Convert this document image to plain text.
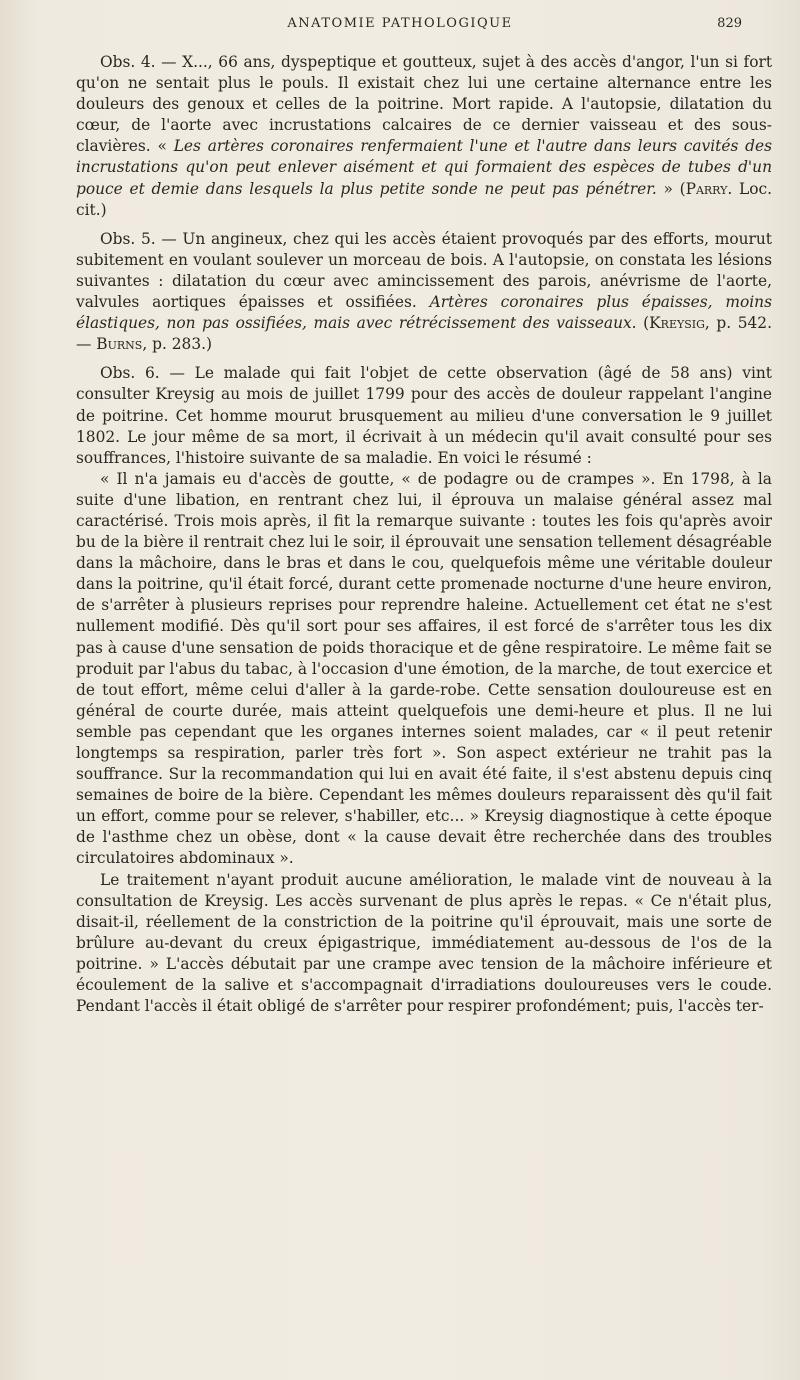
ANATOMIE PATHOLOGIQUE	829

Obs. 4. — X..., 66 ans, dyspeptique et goutteux, sujet à des accès d'angor, l'un si fort qu'on ne sentait plus le pouls. Il existait chez lui une certaine alternance entre les douleurs des genoux et celles de la poitrine. Mort rapide. A l'autopsie, dilatation du cœur, de l'aorte avec incrustations calcaires de ce dernier vaisseau et des sous-clavières. « Les artères coronaires renfermaient l'une et l'autre dans leurs cavités des incrustations qu'on peut enlever aisément et qui formaient des espèces de tubes d'un pouce et demie dans lesquels la plus petite sonde ne peut pas pénétrer. » (Parry. Loc. cit.)

Obs. 5. — Un angineux, chez qui les accès étaient provoqués par des efforts, mourut subitement en voulant soulever un morceau de bois. A l'autopsie, on constata les lésions suivantes : dilatation du cœur avec amincissement des parois, anévrisme de l'aorte, valvules aortiques épaisses et ossifiées. Artères coronaires plus épaisses, moins élastiques, non pas ossifiées, mais avec rétrécissement des vaisseaux. (Kreysig, p. 542. — Burns, p. 283.)

Obs. 6. — Le malade qui fait l'objet de cette observation (âgé de 58 ans) vint consulter Kreysig au mois de juillet 1799 pour des accès de douleur rappelant l'angine de poitrine. Cet homme mourut brusquement au milieu d'une conversation le 9 juillet 1802. Le jour même de sa mort, il écrivait à un médecin qu'il avait consulté pour ses souffrances, l'histoire suivante de sa maladie. En voici le résumé :

« Il n'a jamais eu d'accès de goutte, « de podagre ou de crampes ». En 1798, à la suite d'une libation, en rentrant chez lui, il éprouva un malaise général assez mal caractérisé. Trois mois après, il fit la remarque suivante : toutes les fois qu'après avoir bu de la bière il rentrait chez lui le soir, il éprouvait une sensation tellement désagréable dans la mâchoire, dans le bras et dans le cou, quelquefois même une véritable douleur dans la poitrine, qu'il était forcé, durant cette promenade nocturne d'une heure environ, de s'arrêter à plusieurs reprises pour reprendre haleine. Actuellement cet état ne s'est nullement modifié. Dès qu'il sort pour ses affaires, il est forcé de s'arrêter tous les dix pas à cause d'une sensation de poids thoracique et de gêne respiratoire. Le même fait se produit par l'abus du tabac, à l'occasion d'une émotion, de la marche, de tout exercice et de tout effort, même celui d'aller à la garde-robe. Cette sensation douloureuse est en général de courte durée, mais atteint quelquefois une demi-heure et plus. Il ne lui semble pas cependant que les organes internes soient malades, car « il peut retenir longtemps sa respiration, parler très fort ». Son aspect extérieur ne trahit pas la souffrance. Sur la recommandation qui lui en avait été faite, il s'est abstenu depuis cinq semaines de boire de la bière. Cependant les mêmes douleurs reparaissent dès qu'il fait un effort, comme pour se relever, s'habiller, etc... » Kreysig diagnostique à cette époque de l'asthme chez un obèse, dont « la cause devait être recherchée dans des troubles circulatoires abdominaux ».

Le traitement n'ayant produit aucune amélioration, le malade vint de nouveau à la consultation de Kreysig. Les accès survenant de plus après le repas. « Ce n'était plus, disait-il, réellement de la constriction de la poitrine qu'il éprouvait, mais une sorte de brûlure au-devant du creux épigastrique, immédiatement au-dessous de l'os de la poitrine. » L'accès débutait par une crampe avec tension de la mâchoire inférieure et écoulement de la salive et s'accompagnait d'irradiations douloureuses vers le coude. Pendant l'accès il était obligé de s'arrêter pour respirer profondément; puis, l'accès ter-
